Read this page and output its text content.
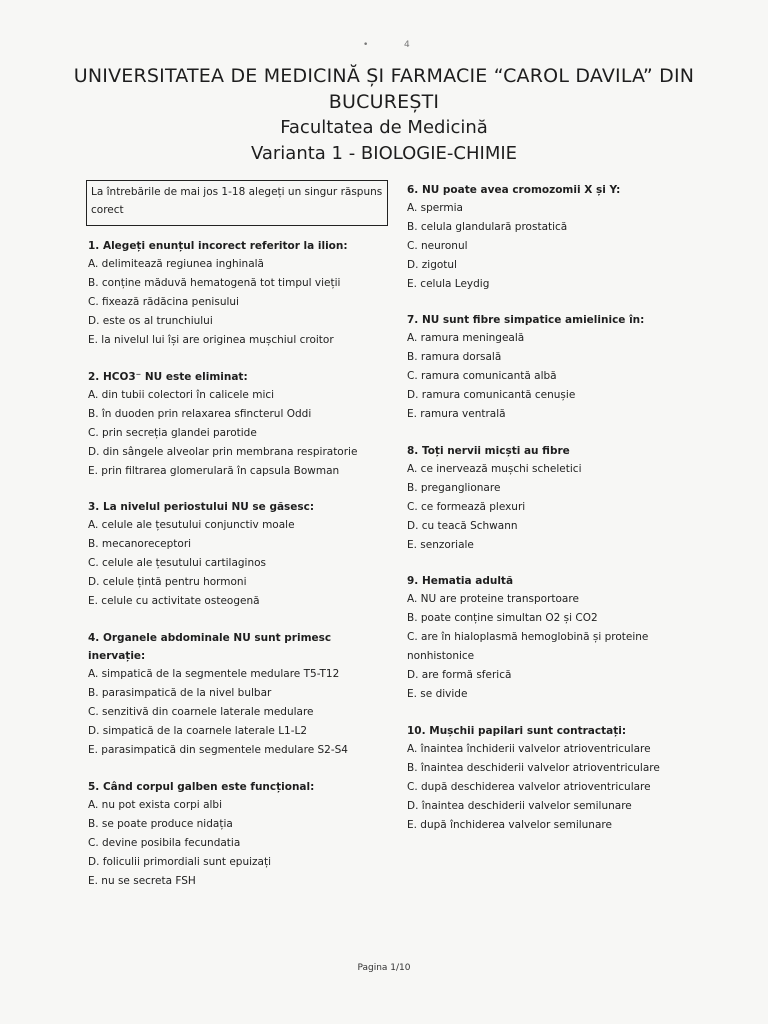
•	4
UNIVERSITATEA DE MEDICINĂ ȘI FARMACIE “CAROL DAVILA” DIN
BUCUREȘTI
Facultatea de Medicină
Varianta 1 - BIOLOGIE-CHIMIE
La întrebările de mai jos 1-18 alegeți un singur răspuns
corect
1. Alegeți enunțul incorect referitor la ilion:
A. delimitează regiunea inghinală
B. conține măduvă hematogenă tot timpul vieții
C. fixează rădăcina penisului
D. este os al trunchiului
E. la nivelul lui își are originea mușchiul croitor
2. HCO3⁻ NU este eliminat:
A. din tubii colectori în calicele mici
B. în duoden prin relaxarea sfincterul Oddi
C. prin secreția glandei parotide
D. din sângele alveolar prin membrana respiratorie
E. prin filtrarea glomerulară în capsula Bowman
3. La nivelul periostului NU se găsesc:
A. celule ale țesutului conjunctiv moale
B. mecanoreceptori
C. celule ale țesutului cartilaginos
D. celule țintă pentru hormoni
E. celule cu activitate osteogenă
4. Organele abdominale NU sunt primesc inervație:
A. simpatică de la segmentele medulare T5-T12
B. parasimpatică de la nivel bulbar
C. senzitivă din coarnele laterale medulare
D. simpatică de la coarnele laterale L1-L2
E. parasimpatică din segmentele medulare S2-S4
5. Când corpul galben este funcțional:
A. nu pot exista corpi albi
B. se poate produce nidația
C. devine posibila fecundatia
D. foliculii primordiali sunt epuizați
E. nu se secreta FSH
6. NU poate avea cromozomii X și Y:
A. spermia
B. celula glandulară prostatică
C. neuronul
D. zigotul
E. celula Leydig
7. NU sunt fibre simpatice amielinice în:
A. ramura meningeală
B. ramura dorsală
C. ramura comunicantă albă
D. ramura comunicantă cenușie
E. ramura ventrală
8. Toți nervii micști au fibre
A. ce inervează mușchi scheletici
B. preganglionare
C. ce formează plexuri
D. cu teacă Schwann
E. senzoriale
9. Hematia adultă
A. NU are proteine transportoare
B. poate conține simultan O2 și CO2
C. are în hialoplasmă hemoglobină și proteine
nonhistonice
D. are formă sferică
E. se divide
10. Mușchii papilari sunt contractați:
A. înaintea închiderii valvelor atrioventriculare
B. înaintea deschiderii valvelor atrioventriculare
C. după deschiderea valvelor atrioventriculare
D. înaintea deschiderii valvelor semilunare
E. după închiderea valvelor semilunare
Pagina 1/10
